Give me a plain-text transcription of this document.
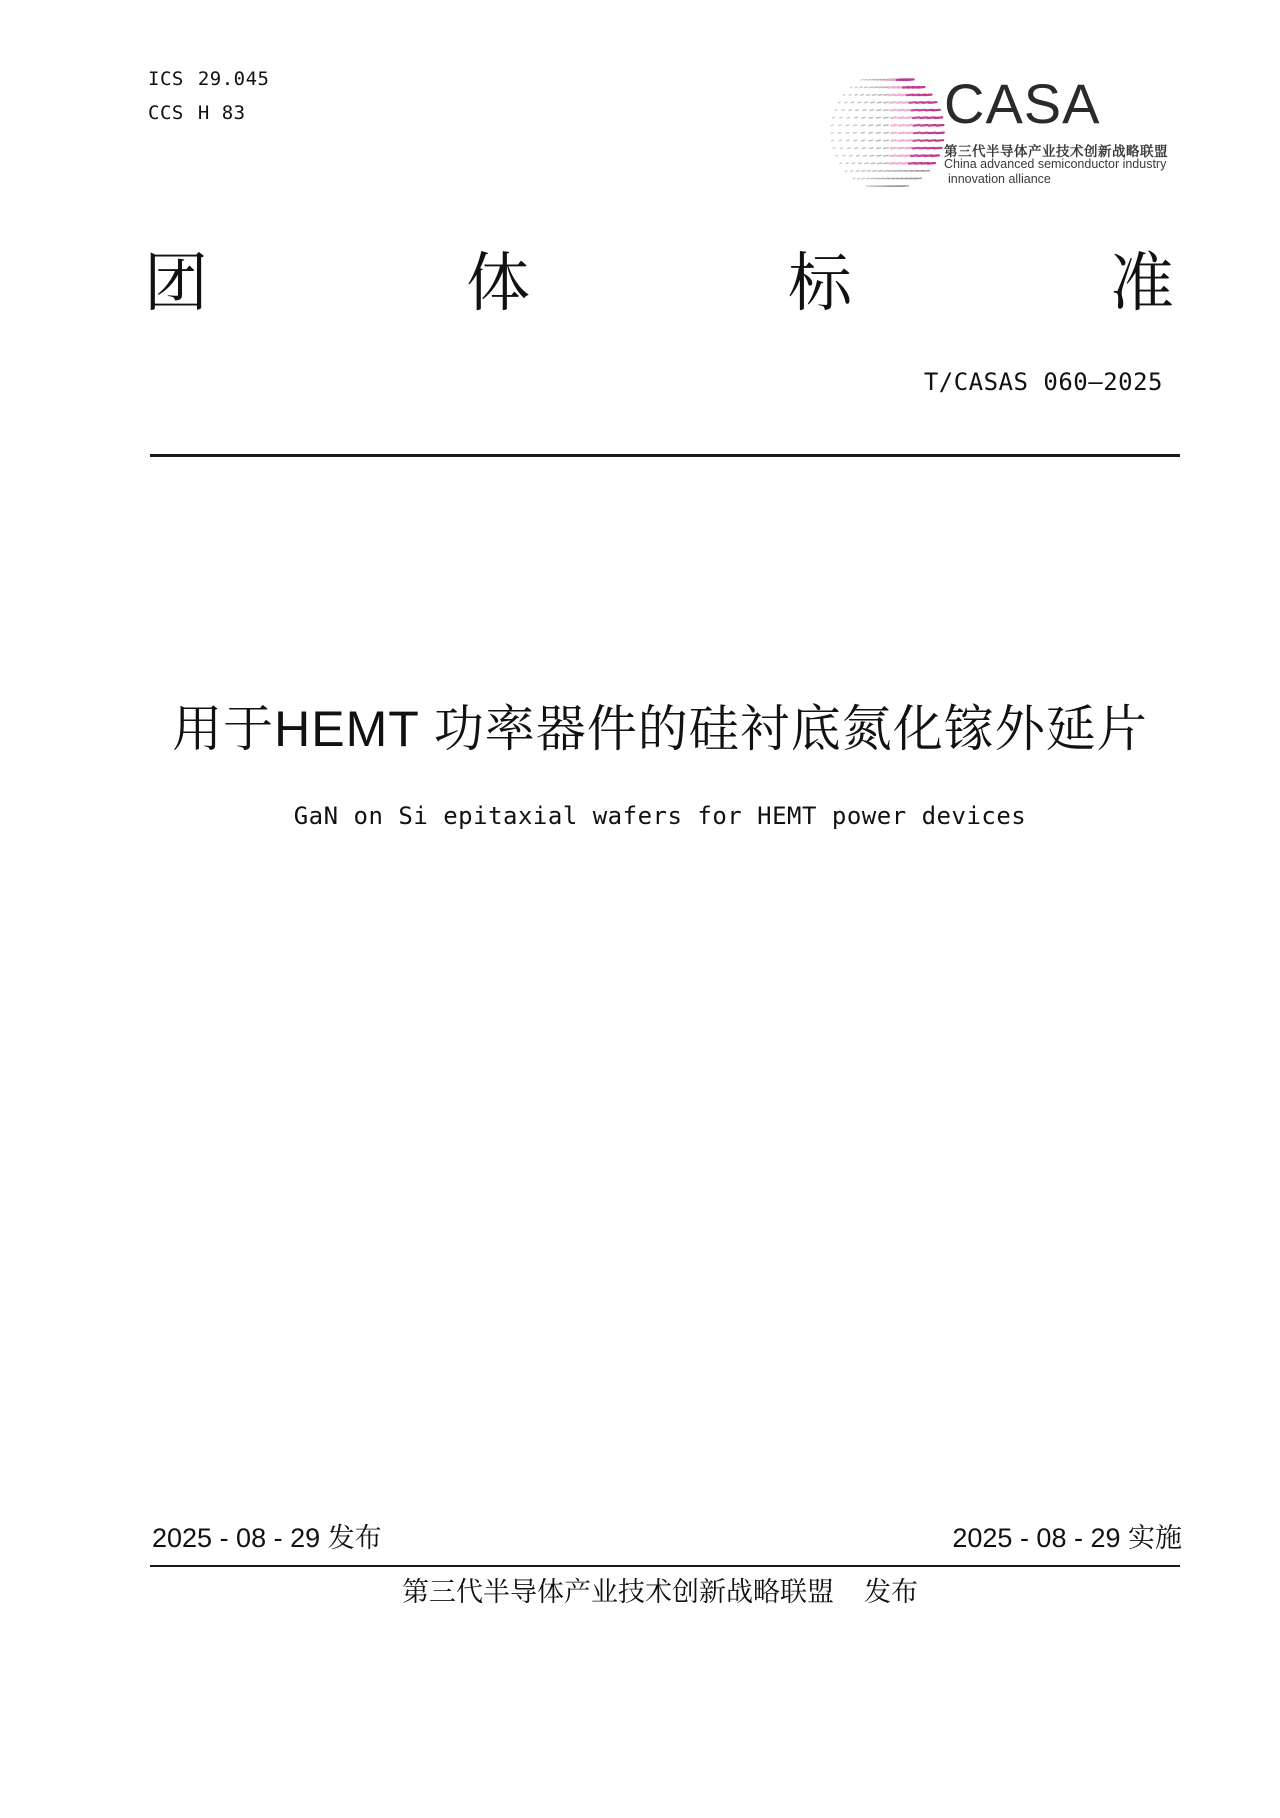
ICS 29.045
CCS H 83	CASA
第三代半导体产业技术创新战略联盟
China advanced semiconductor industry
innovation alliance
团	体	标	准
T/CASAS 060—2025
用于HEMT 功率器件的硅衬底氮化镓外延片
GaN on Si epitaxial wafers for HEMT power devices
2025 - 08 - 29 发布	2025 - 08 - 29 实施
第三代半导体产业技术创新战略联盟 发布
